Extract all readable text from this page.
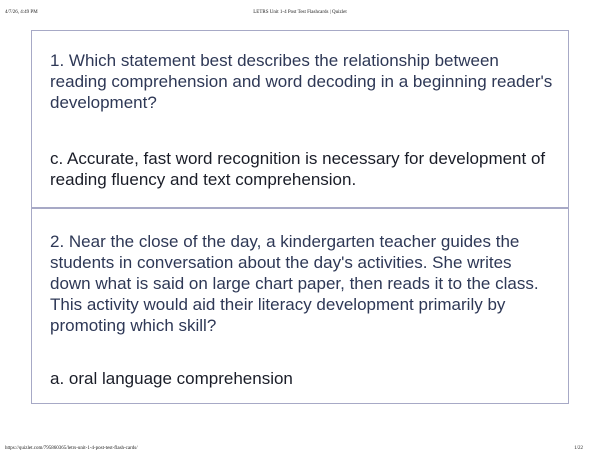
4/7/26, 4:49 PM	LETRS Unit 1-4 Post Test Flashcards | Quizlet

1. Which statement best describes the relationship between reading comprehension and word decoding in a beginning reader's development?

c. Accurate, fast word recognition is necessary for development of reading fluency and text comprehension.

2. Near the close of the day, a kindergarten teacher guides the students in conversation about the day's activities. She writes down what is said on large chart paper, then reads it to the class. This activity would aid their literacy development primarily by promoting which skill?

a. oral language comprehension

https://quizlet.com/795860365/letrs-unit-1-4-post-test-flash-cards/	1/22
